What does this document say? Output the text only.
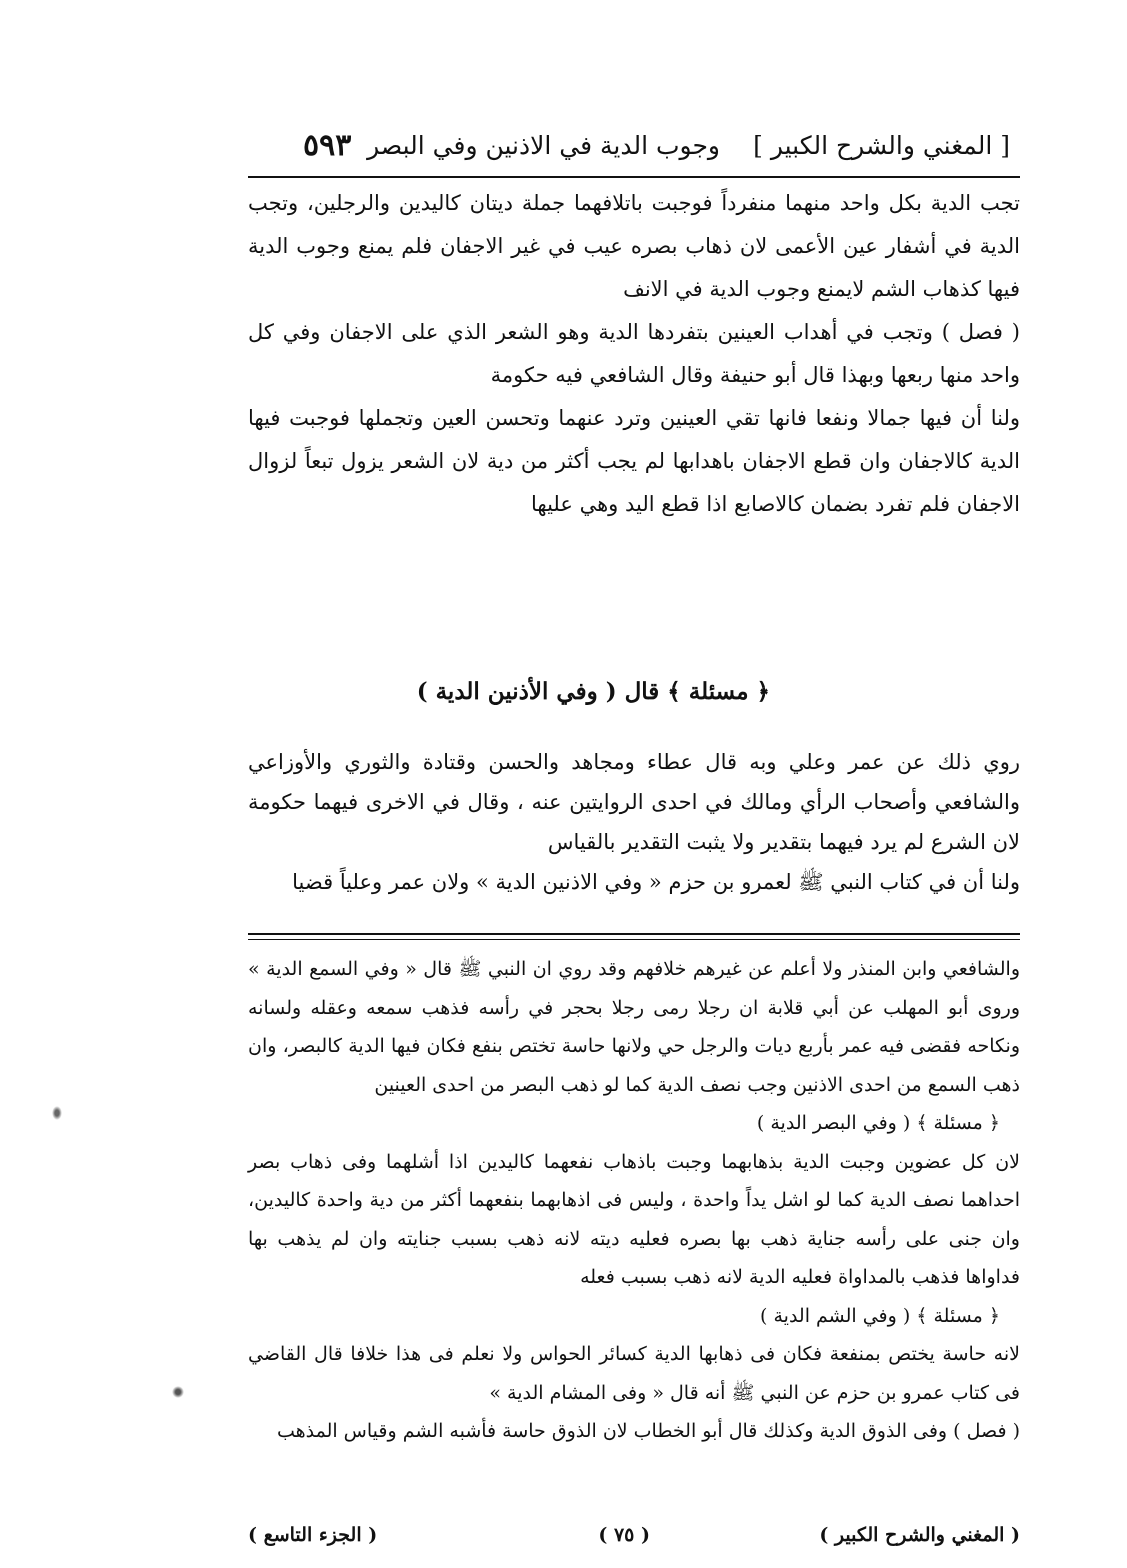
[ المغني والشرح الكبير ]
وجوب الدية في الاذنين وفي البصر
٥٩٣

تجب الدية بكل واحد منهما منفرداً فوجبت باتلافهما جملة ديتان كاليدين والرجلين، وتجب الدية في أشفار عين الأعمى لان ذهاب بصره عيب في غير الاجفان فلم يمنع وجوب الدية فيها كذهاب الشم لايمنع وجوب الدية في الانف

( فصل ) وتجب في أهداب العينين بتفردها الدية وهو الشعر الذي على الاجفان وفي كل واحد منها ربعها وبهذا قال أبو حنيفة وقال الشافعي فيه حكومة

ولنا أن فيها جمالا ونفعا فانها تقي العينين وترد عنهما وتحسن العين وتجملها فوجبت فيها الدية كالاجفان وان قطع الاجفان باهدابها لم يجب أكثر من دية لان الشعر يزول تبعاً لزوال الاجفان فلم تفرد بضمان كالاصابع اذا قطع اليد وهي عليها

﴿ مسئلة ﴾ قال ( وفي الأذنين الدية )

روي ذلك عن عمر وعلي وبه قال عطاء ومجاهد والحسن وقتادة والثوري والأوزاعي والشافعي وأصحاب الرأي ومالك في احدى الروايتين عنه ، وقال في الاخرى فيهما حكومة لان الشرع لم يرد فيهما بتقدير ولا يثبت التقدير بالقياس

ولنا أن في كتاب النبي ﷺ لعمرو بن حزم « وفي الاذنين الدية » ولان عمر وعلياً قضيا

والشافعي وابن المنذر ولا أعلم عن غيرهم خلافهم وقد روي ان النبي ﷺ قال « وفي السمع الدية » وروى أبو المهلب عن أبي قلابة ان رجلا رمى رجلا بحجر في رأسه فذهب سمعه وعقله ولسانه ونكاحه فقضى فيه عمر بأربع ديات والرجل حي ولانها حاسة تختص بنفع فكان فيها الدية كالبصر، وان ذهب السمع من احدى الاذنين وجب نصف الدية كما لو ذهب البصر من احدى العينين

﴿ مسئلة ﴾ ( وفي البصر الدية )

لان كل عضوين وجبت الدية بذهابهما وجبت باذهاب نفعهما كاليدين اذا أشلهما وفى ذهاب بصر احداهما نصف الدية كما لو اشل يداً واحدة ، وليس فى اذهابهما بنفعهما أكثر من دية واحدة كاليدين، وان جنى على رأسه جناية ذهب بها بصره فعليه ديته لانه ذهب بسبب جنايته وان لم يذهب بها فداواها فذهب بالمداواة فعليه الدية لانه ذهب بسبب فعله

﴿ مسئلة ﴾ ( وفي الشم الدية )

لانه حاسة يختص بمنفعة فكان فى ذهابها الدية كسائر الحواس ولا نعلم فى هذا خلافا قال القاضي فى كتاب عمرو بن حزم عن النبي ﷺ أنه قال « وفى المشام الدية »

( فصل ) وفى الذوق الدية وكذلك قال أبو الخطاب لان الذوق حاسة فأشبه الشم وقياس المذهب

( المغني والشرح الكبير )
( ٧٥ )
( الجزء التاسع )
